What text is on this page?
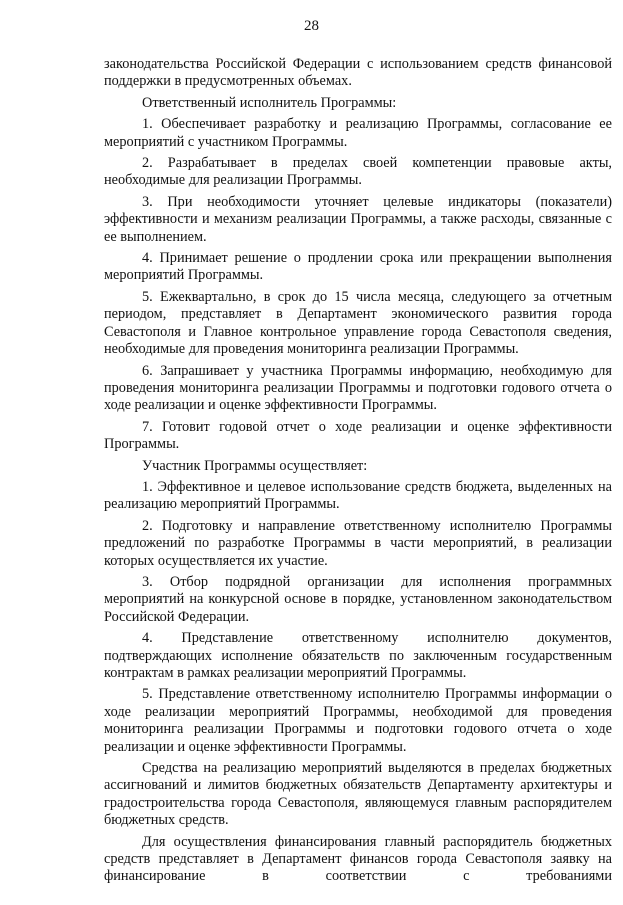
28

законодательства Российской Федерации с использованием средств финансовой поддержки в предусмотренных объемах.

Ответственный исполнитель Программы:

1. Обеспечивает разработку и реализацию Программы, согласование ее мероприятий с участником Программы.

2. Разрабатывает в пределах своей компетенции правовые акты, необходимые для реализации Программы.

3. При необходимости уточняет целевые индикаторы (показатели) эффективности и механизм реализации Программы, а также расходы, связанные с ее выполнением.

4. Принимает решение о продлении срока или прекращении выполнения мероприятий Программы.

5. Ежеквартально, в срок до 15 числа месяца, следующего за отчетным периодом, представляет в Департамент экономического развития города Севастополя и Главное контрольное управление города Севастополя сведения, необходимые для проведения мониторинга реализации Программы.

6. Запрашивает у участника Программы информацию, необходимую для проведения мониторинга реализации Программы и подготовки годового отчета о ходе реализации и оценке эффективности Программы.

7. Готовит годовой отчет о ходе реализации и оценке эффективности Программы.

Участник Программы осуществляет:

1. Эффективное и целевое использование средств бюджета, выделенных на реализацию мероприятий Программы.

2. Подготовку и направление ответственному исполнителю Программы предложений по разработке Программы в части мероприятий, в реализации которых осуществляется их участие.

3. Отбор подрядной организации для исполнения программных мероприятий на конкурсной основе в порядке, установленном законодательством Российской Федерации.

4. Представление ответственному исполнителю документов, подтверждающих исполнение обязательств по заключенным государственным контрактам в рамках реализации мероприятий Программы.

5. Представление ответственному исполнителю Программы информации о ходе реализации мероприятий Программы, необходимой для проведения мониторинга реализации Программы и подготовки годового отчета о ходе реализации и оценке эффективности Программы.

Средства на реализацию мероприятий выделяются в пределах бюджетных ассигнований и лимитов бюджетных обязательств Департаменту архитектуры и градостроительства города Севастополя, являющемуся главным распорядителем бюджетных средств.

Для осуществления финансирования главный распорядитель бюджетных средств представляет в Департамент финансов города Севастополя заявку на финансирование в соответствии с требованиями
